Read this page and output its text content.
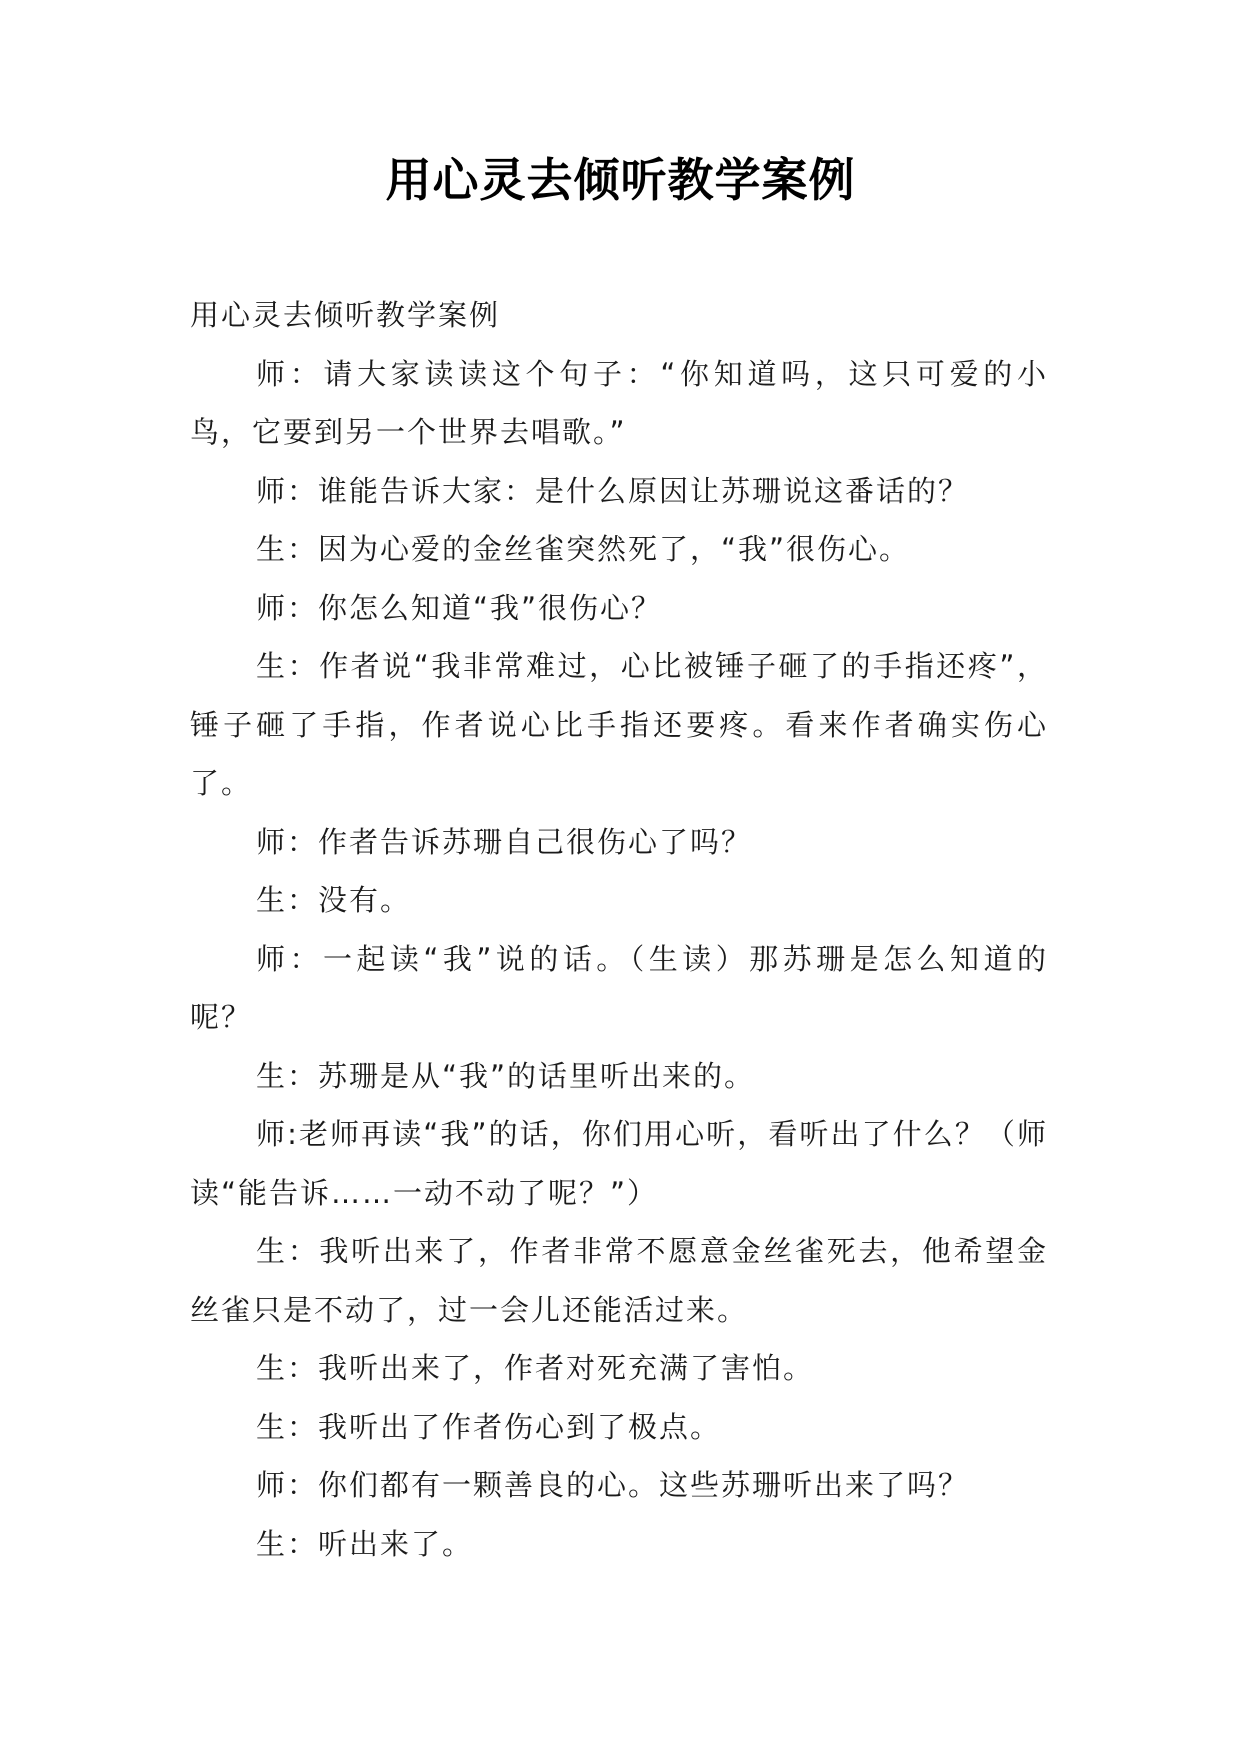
用心灵去倾听教学案例

用心灵去倾听教学案例

师：请大家读读这个句子：“你知道吗，这只可爱的小鸟，它要到另一个世界去唱歌。”

师：谁能告诉大家：是什么原因让苏珊说这番话的？

生：因为心爱的金丝雀突然死了，“我”很伤心。

师：你怎么知道“我”很伤心？

生：作者说“我非常难过，心比被锤子砸了的手指还疼”，锤子砸了手指，作者说心比手指还要疼。看来作者确实伤心了。

师：作者告诉苏珊自己很伤心了吗？

生：没有。

师：一起读“我”说的话。（生读）那苏珊是怎么知道的呢？

生：苏珊是从“我”的话里听出来的。

师:老师再读“我”的话，你们用心听，看听出了什么？（师读“能告诉……一动不动了呢？”）

生：我听出来了，作者非常不愿意金丝雀死去，他希望金丝雀只是不动了，过一会儿还能活过来。

生：我听出来了，作者对死充满了害怕。

生：我听出了作者伤心到了极点。

师：你们都有一颗善良的心。这些苏珊听出来了吗？

生：听出来了。
